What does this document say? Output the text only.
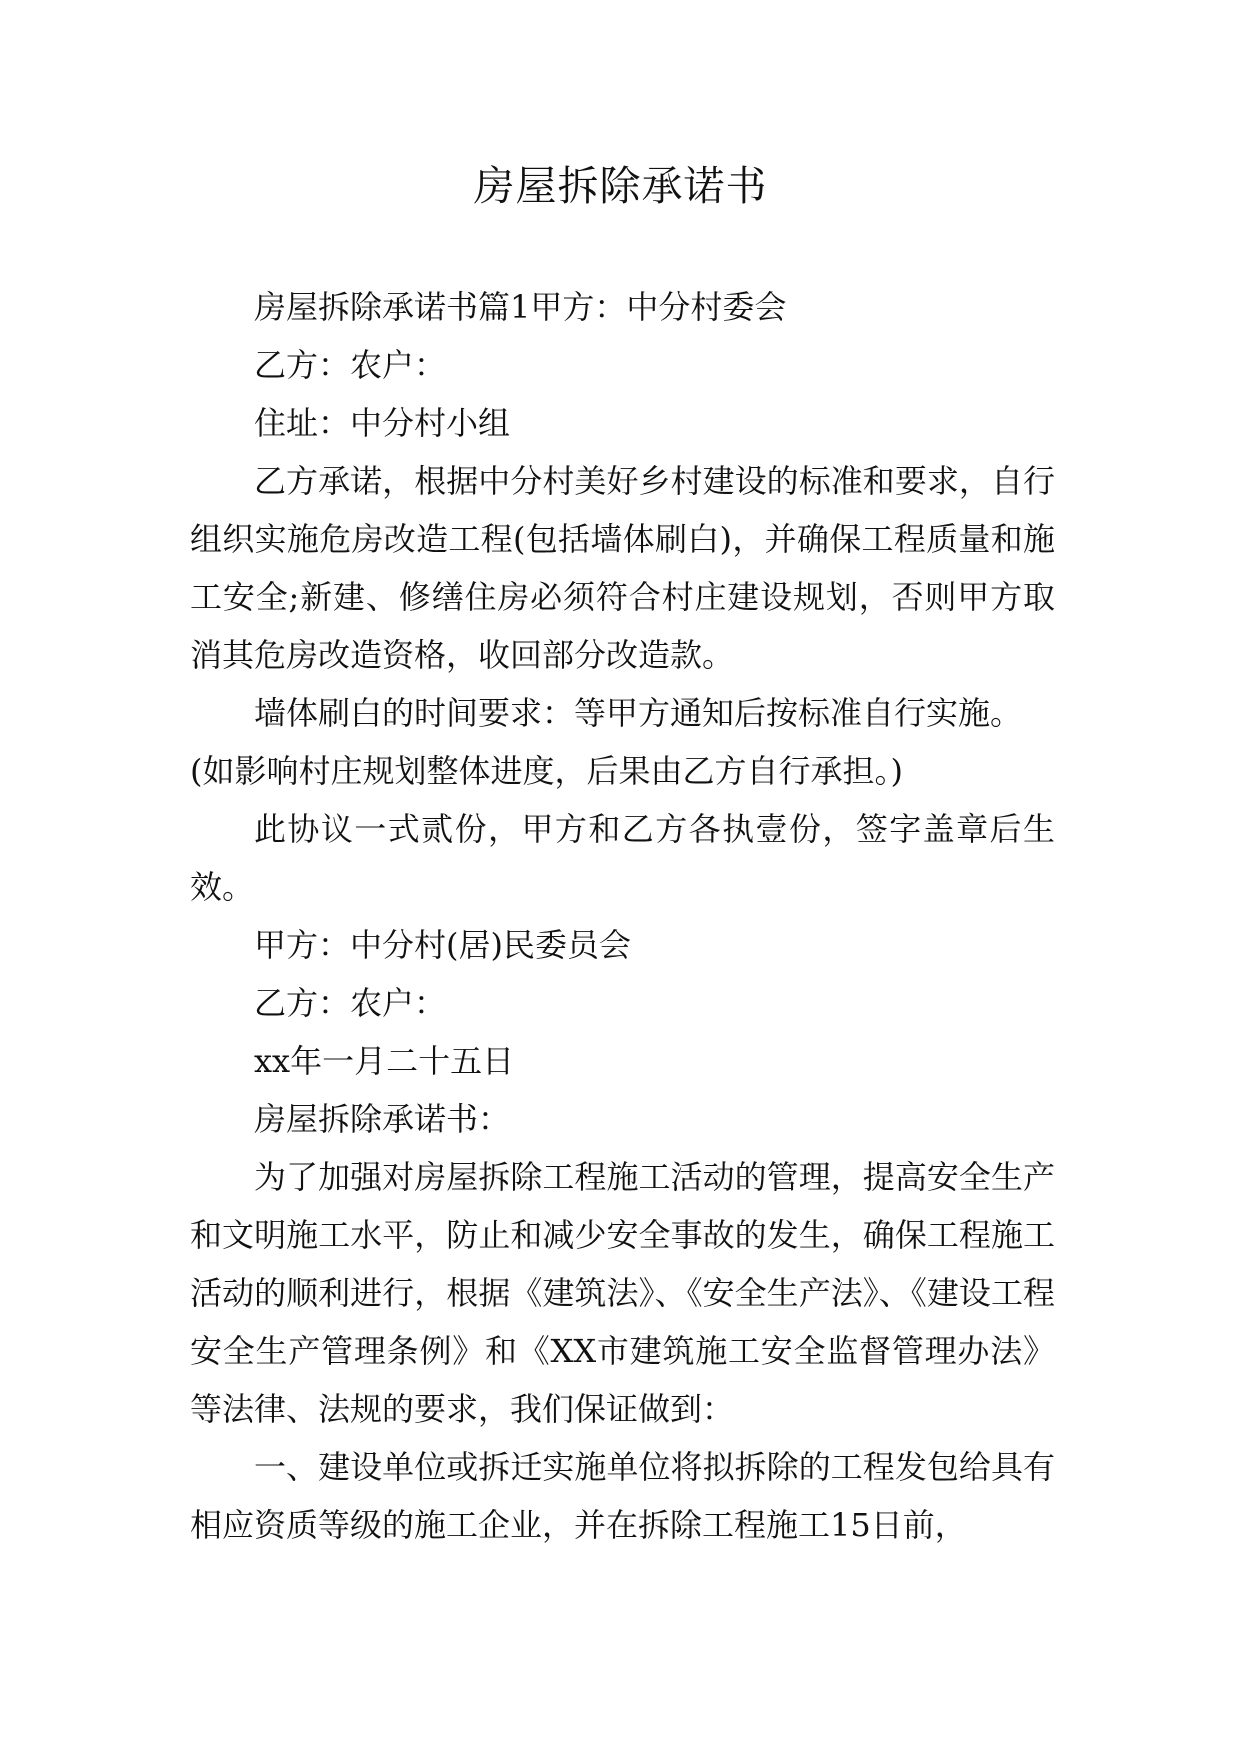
房屋拆除承诺书

房屋拆除承诺书篇1甲方：中分村委会

乙方：农户：

住址：中分村小组

乙方承诺，根据中分村美好乡村建设的标准和要求，自行组织实施危房改造工程(包括墙体刷白)，并确保工程质量和施工安全;新建、修缮住房必须符合村庄建设规划，否则甲方取消其危房改造资格，收回部分改造款。

墙体刷白的时间要求：等甲方通知后按标准自行实施。

(如影响村庄规划整体进度，后果由乙方自行承担。)

此协议一式贰份，甲方和乙方各执壹份，签字盖章后生效。

甲方：中分村(居)民委员会

乙方：农户：

xx年一月二十五日

房屋拆除承诺书：

为了加强对房屋拆除工程施工活动的管理，提高安全生产和文明施工水平，防止和减少安全事故的发生，确保工程施工活动的顺利进行，根据《建筑法》、《安全生产法》、《建设工程安全生产管理条例》和《XX市建筑施工安全监督管理办法》等法律、法规的要求，我们保证做到：

一、建设单位或拆迁实施单位将拟拆除的工程发包给具有相应资质等级的施工企业，并在拆除工程施工15日前，
